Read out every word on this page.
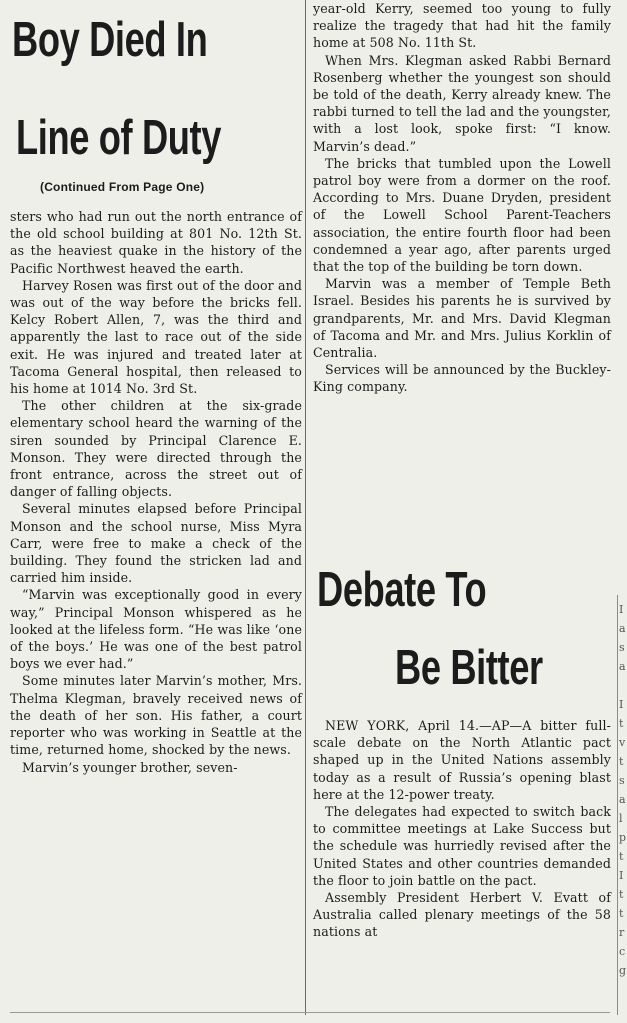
Boy Died In
Line of Duty
(Continued From Page One)

sters who had run out the north entrance of the old school building at 801 No. 12th St. as the heaviest quake in the history of the Pacific Northwest heaved the earth.

Harvey Rosen was first out of the door and was out of the way before the bricks fell. Kelcy Robert Allen, 7, was the third and apparently the last to race out of the side exit. He was injured and treated later at Tacoma General hospital, then released to his home at 1014 No. 3rd St.

The other children at the six-grade elementary school heard the warning of the siren sounded by Principal Clarence E. Monson. They were directed through the front entrance, across the street out of danger of falling objects.

Several minutes elapsed before Principal Monson and the school nurse, Miss Myra Carr, were free to make a check of the building. They found the stricken lad and carried him inside.

“Marvin was exceptionally good in every way,” Principal Monson whispered as he looked at the lifeless form. “He was like ‘one of the boys.’ He was one of the best patrol boys we ever had.”

Some minutes later Marvin’s mother, Mrs. Thelma Klegman, bravely received news of the death of her son. His father, a court reporter who was working in Seattle at the time, returned home, shocked by the news.

Marvin’s younger brother, seven-

year-old Kerry, seemed too young to fully realize the tragedy that had hit the family home at 508 No. 11th St.

When Mrs. Klegman asked Rabbi Bernard Rosenberg whether the youngest son should be told of the death, Kerry already knew. The rabbi turned to tell the lad and the youngster, with a lost look, spoke first: “I know. Marvin’s dead.”

The bricks that tumbled upon the Lowell patrol boy were from a dormer on the roof. According to Mrs. Duane Dryden, president of the Lowell School Parent-Teachers association, the entire fourth floor had been condemned a year ago, after parents urged that the top of the building be torn down.

Marvin was a member of Temple Beth Israel. Besides his parents he is survived by grandparents, Mr. and Mrs. David Klegman of Tacoma and Mr. and Mrs. Julius Korklin of Centralia.

Services will be announced by the Buckley-King company.

Debate To
Be Bitter

NEW YORK, April 14.—AP—A bitter full-scale debate on the North Atlantic pact shaped up in the United Nations assembly today as a result of Russia’s opening blast here at the 12-power treaty.

The delegates had expected to switch back to committee meetings at Lake Success but the schedule was hurriedly revised after the United States and other countries demanded the floor to join battle on the pact.

Assembly President Herbert V. Evatt of Australia called plenary meetings of the 58 nations at

I
a
s
a

I
t
v
t
s
a
l
p
t
I
t
t
r
c
g
